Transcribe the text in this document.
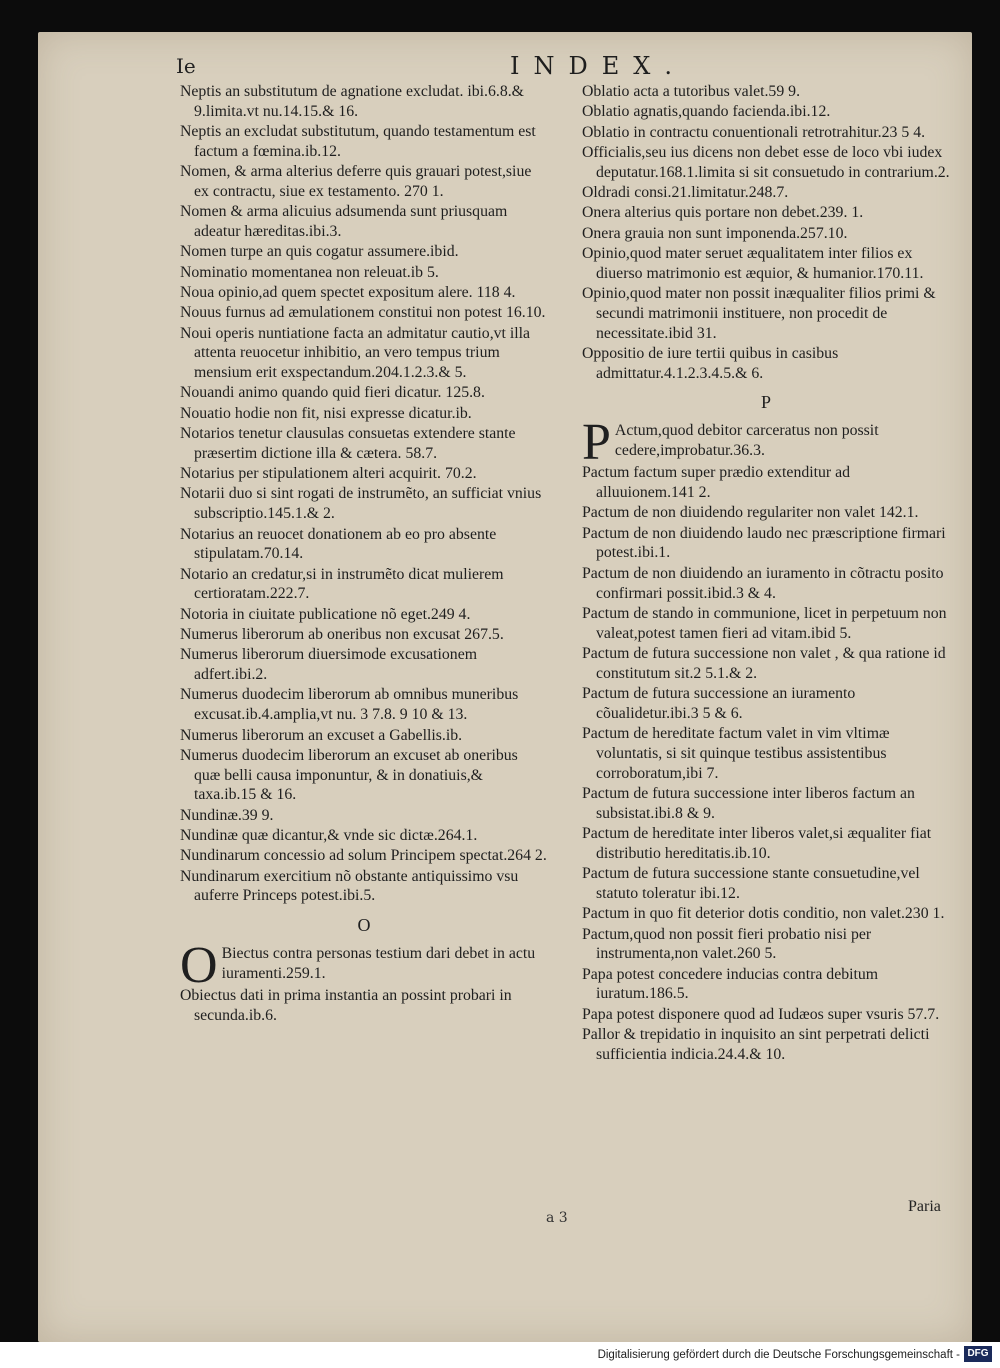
Ie	INDEX.
Neptis an substitutum de agnatione excludat. ibi.6.8.& 9.limita.vt nu.14.15.& 16.
Neptis an excludat substitutum, quando testamentum est factum a fœmina.ib.12.
Nomen, & arma alterius deferre quis grauari potest,siue ex contractu, siue ex testamento. 270 1.
Nomen & arma alicuius adsumenda sunt priusquam adeatur hæreditas.ibi.3.
Nomen turpe an quis cogatur assumere.ibid.
Nominatio momentanea non releuat.ib 5.
Noua opinio,ad quem spectet expositum alere. 118 4.
Nouus furnus ad æmulationem constitui non potest 16.10.
Noui operis nuntiatione facta an admitatur cautio,vt illa attenta reuocetur inhibitio, an vero tempus trium mensium erit exspectandum.204.1.2.3.& 5.
Nouandi animo quando quid fieri dicatur. 125.8.
Nouatio hodie non fit, nisi expresse dicatur.ib.
Notarios tenetur clausulas consuetas extendere stante præsertim dictione illa & cætera. 58.7.
Notarius per stipulationem alteri acquirit. 70.2.
Notarii duo si sint rogati de instrumẽto, an sufficiat vnius subscriptio.145.1.& 2.
Notarius an reuocet donationem ab eo pro absente stipulatam.70.14.
Notario an credatur,si in instrumẽto dicat mulierem certioratam.222.7.
Notoria in ciuitate publicatione nõ eget.249 4.
Numerus liberorum ab oneribus non excusat 267.5.
Numerus liberorum diuersimode excusationem adfert.ibi.2.
Numerus duodecim liberorum ab omnibus muneribus excusat.ib.4.amplia,vt nu. 3 7.8. 9 10 & 13.
Numerus liberorum an excuset a Gabellis.ib.
Numerus duodecim liberorum an excuset ab oneribus quæ belli causa imponuntur, & in donatiuis,& taxa.ib.15 & 16.
Nundinæ.39 9.
Nundinæ quæ dicantur,& vnde sic dictæ.264.1.
Nundinarum concessio ad solum Principem spectat.264 2.
Nundinarum exercitium nõ obstante antiquissimo vsu auferre Princeps potest.ibi.5.
O
O Biectus contra personas testium dari debet in actu iuramenti.259.1.
Obiectus dati in prima instantia an possint probari in secunda.ib.6.
Oblatio acta a tutoribus valet.59 9.
Oblatio agnatis,quando facienda.ibi.12.
Oblatio in contractu conuentionali retrotrahitur.23 5 4.
Officialis,seu ius dicens non debet esse de loco vbi iudex deputatur.168.1.limita si sit consuetudo in contrarium.2.
Oldradi consi.21.limitatur.248.7.
Onera alterius quis portare non debet.239. 1.
Onera grauia non sunt imponenda.257.10.
Opinio,quod mater seruet æqualitatem inter filios ex diuerso matrimonio est æquior, & humanior.170.11.
Opinio,quod mater non possit inæqualiter filios primi & secundi matrimonii instituere, non procedit de necessitate.ibid 31.
Oppositio de iure tertii quibus in casibus admittatur.4.1.2.3.4.5.& 6.
P
P Actum,quod debitor carceratus non possit cedere,improbatur.36.3.
Pactum factum super prædio extenditur ad alluuionem.141 2.
Pactum de non diuidendo regulariter non valet 142.1.
Pactum de non diuidendo laudo nec præscriptione firmari potest.ibi.1.
Pactum de non diuidendo an iuramento in cõtractu posito confirmari possit.ibid.3 & 4.
Pactum de stando in communione, licet in perpetuum non valeat,potest tamen fieri ad vitam.ibid 5.
Pactum de futura successione non valet , & qua ratione id constitutum sit.2 5.1.& 2.
Pactum de futura successione an iuramento cõualidetur.ibi.3 5 & 6.
Pactum de hereditate factum valet in vim vltimæ voluntatis, si sit quinque testibus assistentibus corroboratum,ibi 7.
Pactum de futura successione inter liberos factum an subsistat.ibi.8 & 9.
Pactum de hereditate inter liberos valet,si æqualiter fiat distributio hereditatis.ib.10.
Pactum de futura successione stante consuetudine,vel statuto toleratur ibi.12.
Pactum in quo fit deterior dotis conditio, non valet.230 1.
Pactum,quod non possit fieri probatio nisi per instrumenta,non valet.260 5.
Papa potest concedere inducias contra debitum iuratum.186.5.
Papa potest disponere quod ad Iudæos super vsuris 57.7.
Pallor & trepidatio in inquisito an sint perpetrati delicti sufficientia indicia.24.4.& 10.
Paria
a 3
Digitalisierung gefördert durch die Deutsche Forschungsgemeinschaft - DFG
